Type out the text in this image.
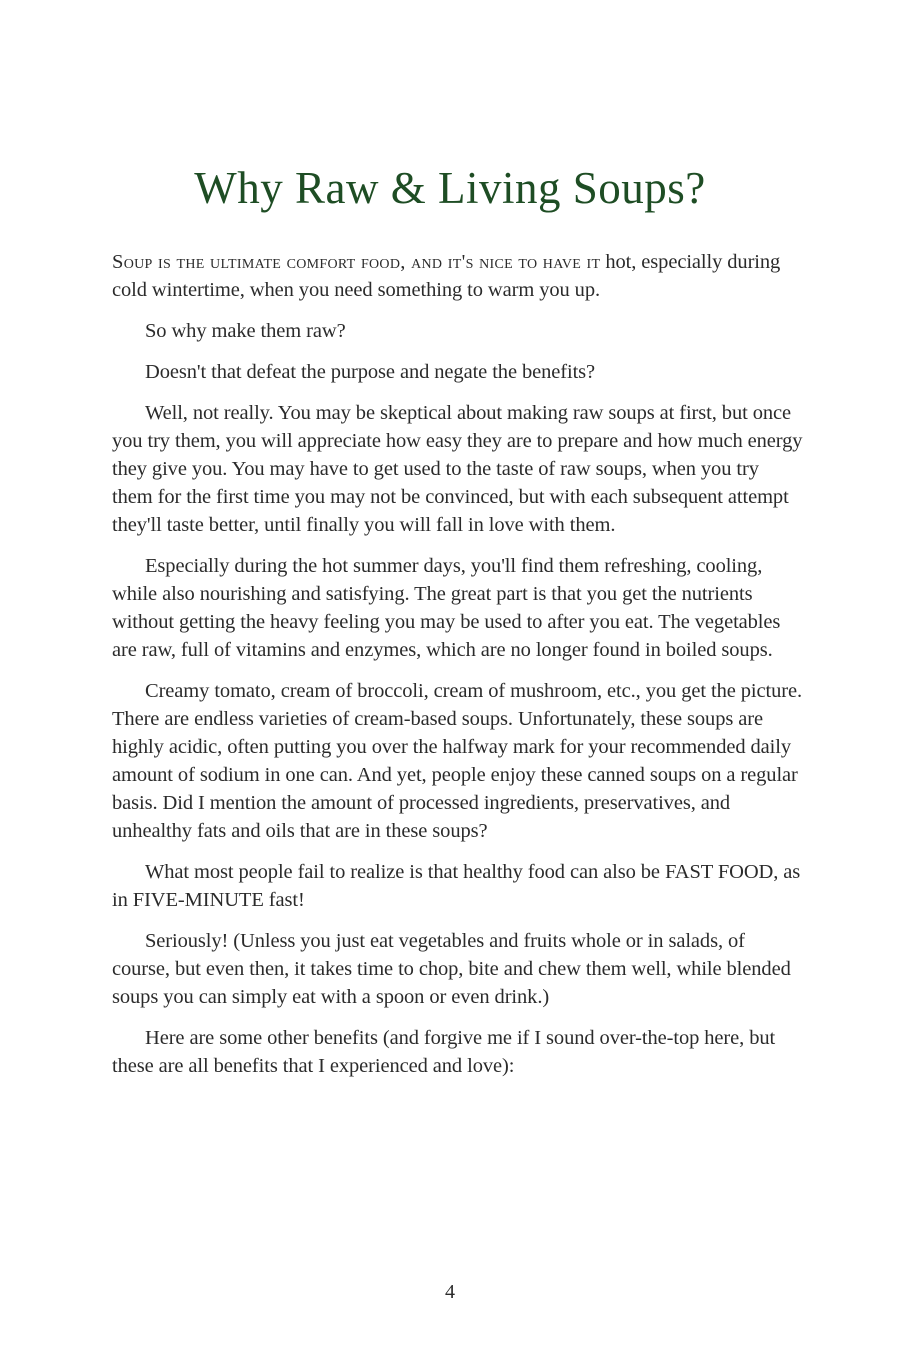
Why Raw & Living Soups?

Soup is the ultimate comfort food, and it's nice to have it hot, especially during cold wintertime, when you need something to warm you up.

So why make them raw?

Doesn't that defeat the purpose and negate the benefits?

Well, not really. You may be skeptical about making raw soups at first, but once you try them, you will appreciate how easy they are to prepare and how much energy they give you. You may have to get used to the taste of raw soups, when you try them for the first time you may not be convinced, but with each subsequent attempt they'll taste better, until finally you will fall in love with them.

Especially during the hot summer days, you'll find them refreshing, cooling, while also nourishing and satisfying. The great part is that you get the nutrients without getting the heavy feeling you may be used to after you eat. The vegetables are raw, full of vitamins and enzymes, which are no longer found in boiled soups.

Creamy tomato, cream of broccoli, cream of mushroom, etc., you get the picture. There are endless varieties of cream-based soups. Unfortunately, these soups are highly acidic, often putting you over the halfway mark for your recommended daily amount of sodium in one can. And yet, people enjoy these canned soups on a regular basis. Did I mention the amount of processed ingredients, preservatives, and unhealthy fats and oils that are in these soups?

What most people fail to realize is that healthy food can also be FAST FOOD, as in FIVE-MINUTE fast!

Seriously! (Unless you just eat vegetables and fruits whole or in salads, of course, but even then, it takes time to chop, bite and chew them well, while blended soups you can simply eat with a spoon or even drink.)

Here are some other benefits (and forgive me if I sound over-the-top here, but these are all benefits that I experienced and love):

4
